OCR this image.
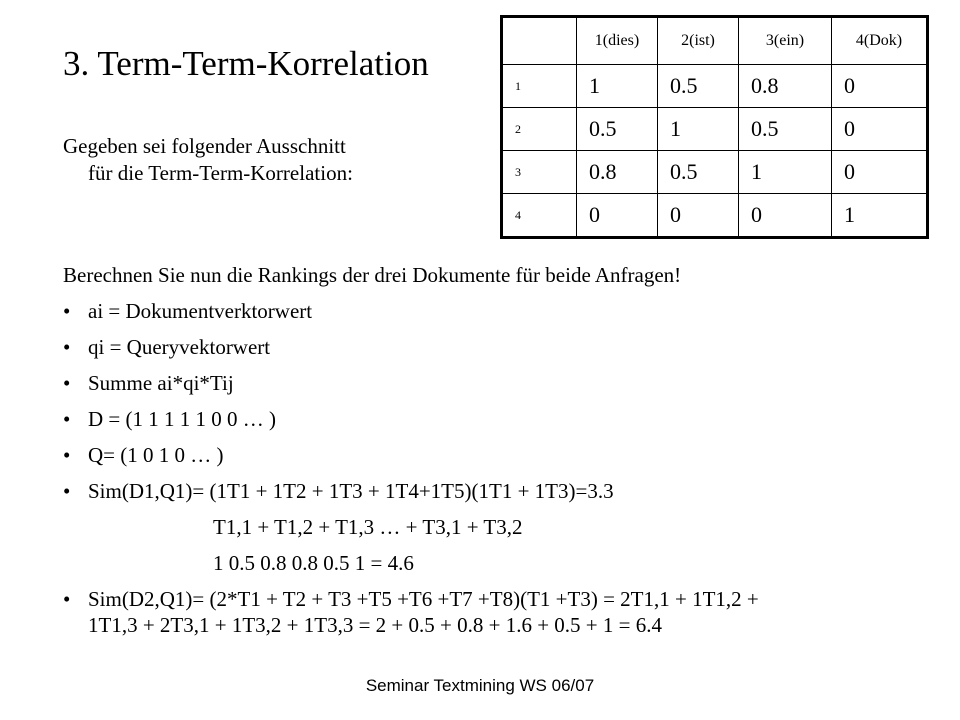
3. Term-Term-Korrelation
Gegeben sei folgender Ausschnitt
für die Term-Term-Korrelation:
	1(dies)	2(ist)	3(ein)	4(Dok)
1	1	0.5	0.8	0
2	0.5	1	0.5	0
3	0.8	0.5	1	0
4	0	0	0	1
Berechnen Sie nun die Rankings der drei Dokumente für beide Anfragen!
• ai = Dokumentverktorwert
• qi = Queryvektorwert
• Summe ai*qi*Tij
• D = (1 1 1 1 1 0 0 … )
• Q= (1 0 1 0 … )
• Sim(D1,Q1)= (1T1 + 1T2 + 1T3 + 1T4+1T5)(1T1 + 1T3)=3.3
T1,1 + T1,2 + T1,3 … + T3,1 + T3,2
1 0.5 0.8 0.8 0.5 1 = 4.6
• Sim(D2,Q1)= (2*T1 + T2 + T3 +T5 +T6 +T7 +T8)(T1 +T3) = 2T1,1 + 1T1,2 +
1T1,3 + 2T3,1 + 1T3,2 + 1T3,3 = 2 + 0.5 + 0.8 + 1.6 + 0.5 + 1 = 6.4
Seminar Textmining WS 06/07
